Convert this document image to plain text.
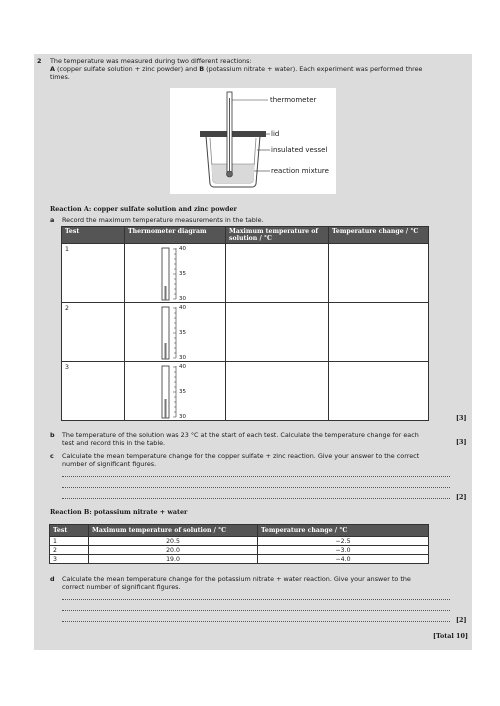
2 The temperature was measured during two different reactions:
A (copper sulfate solution + zinc powder) and B (potassium nitrate + water). Each experiment was performed three
times.
thermometer
lid
insulated vessel
reaction mixture
Reaction A: copper sulfate solution and zinc powder
a Record the maximum temperature measurements in the table.
Test	Thermometer diagram	Maximum temperature of solution / °C	Temperature change / °C
1	40
35
30		

2	40
35
30		

3	40
35
30		
			[3]
b The temperature of the solution was 23 °C at the start of each test. Calculate the temperature change for each
test and record this in the table.	[3]
c Calculate the mean temperature change for the copper sulfate + zinc reaction. Give your answer to the correct
number of significant figures.
[2]
Reaction B: potassium nitrate + water
Test	Maximum temperature of solution / °C	Temperature change / °C
1	20.5	−2.5
2	20.0	−3.0
3	19.0	−4.0
d Calculate the mean temperature change for the potassium nitrate + water reaction. Give your answer to the
correct number of significant figures.
[2]
[Total 10]
